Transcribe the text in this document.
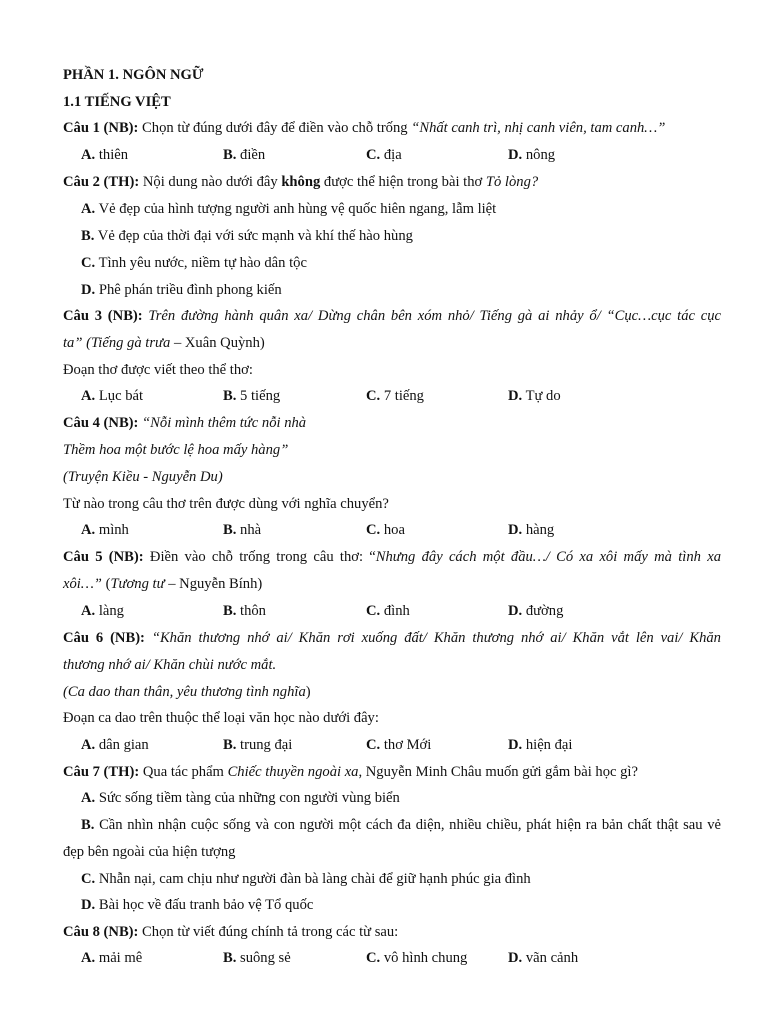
PHẦN 1. NGÔN NGỮ
1.1 TIẾNG VIỆT
Câu 1 (NB): Chọn từ đúng dưới đây để điền vào chỗ trống “Nhất canh trì, nhị canh viên, tam canh…”
A. thiên	B. điền	C. địa	D. nông
Câu 2 (TH): Nội dung nào dưới đây không được thể hiện trong bài thơ Tỏ lòng?
A. Vẻ đẹp của hình tượng người anh hùng vệ quốc hiên ngang, lẫm liệt
B. Vẻ đẹp của thời đại với sức mạnh và khí thế hào hùng
C. Tình yêu nước, niềm tự hào dân tộc
D. Phê phán triều đình phong kiến
Câu 3 (NB): Trên đường hành quân xa/ Dừng chân bên xóm nhỏ/ Tiếng gà ai nhảy ổ/ “Cục…cục tác cục
ta” (Tiếng gà trưa – Xuân Quỳnh)
Đoạn thơ được viết theo thể thơ:
A. Lục bát	B. 5 tiếng	C. 7 tiếng	D. Tự do
Câu 4 (NB): “Nỗi mình thêm tức nỗi nhà
Thềm hoa một bước lệ hoa mấy hàng”
(Truyện Kiều - Nguyễn Du)
Từ nào trong câu thơ trên được dùng với nghĩa chuyển?
A. mình	B. nhà	C. hoa	D. hàng
Câu 5 (NB): Điền vào chỗ trống trong câu thơ: “Nhưng đây cách một đầu…/ Có xa xôi mấy mà tình xa
xôi…” (Tương tư – Nguyễn Bính)
A. làng	B. thôn	C. đình	D. đường
Câu 6 (NB): “Khăn thương nhớ ai/ Khăn rơi xuống đất/ Khăn thương nhớ ai/ Khăn vắt lên vai/ Khăn
thương nhớ ai/ Khăn chùi nước mắt.
(Ca dao than thân, yêu thương tình nghĩa)
Đoạn ca dao trên thuộc thể loại văn học nào dưới đây:
A. dân gian	B. trung đại	C. thơ Mới	D. hiện đại
Câu 7 (TH): Qua tác phẩm Chiếc thuyền ngoài xa, Nguyễn Minh Châu muốn gửi gắm bài học gì?
A. Sức sống tiềm tàng của những con người vùng biển
B. Cần nhìn nhận cuộc sống và con người một cách đa diện, nhiều chiều, phát hiện ra bản chất thật sau vẻ
đẹp bên ngoài của hiện tượng
C. Nhẫn nại, cam chịu như người đàn bà làng chài để giữ hạnh phúc gia đình
D. Bài học về đấu tranh bảo vệ Tổ quốc
Câu 8 (NB): Chọn từ viết đúng chính tả trong các từ sau:
A. mải mê	B. suông sẻ	C. vô hình chung	D. vãn cảnh
